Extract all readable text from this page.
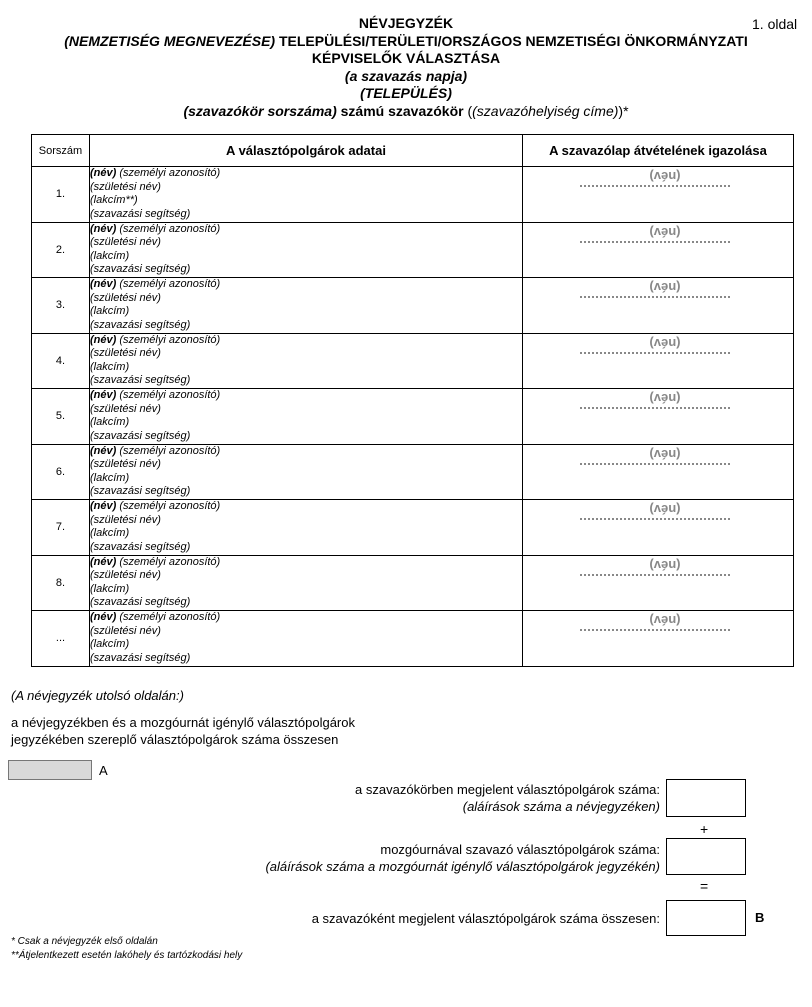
1. oldal
NÉVJEGYZÉK
(NEMZETISÉG MEGNEVEZÉSE) TELEPÜLÉSI/TERÜLETI/ORSZÁGOS NEMZETISÉGI ÖNKORMÁNYZATI
KÉPVISELŐK VÁLASZTÁSA
(a szavazás napja)
(TELEPÜLÉS)
(szavazókör sorszáma) számú szavazókör ((szavazóhelyiség címe))*
Sorszám	A választópolgárok adatai	A szavazólap átvételének igazolása
1.	(név) (személyi azonosító)
(születési név)
(lakcím**)
(szavazási segítség)	(név)

2.	(név) (személyi azonosító)
(születési név)
(lakcím)
(szavazási segítség)	(név)

3.	(név) (személyi azonosító)
(születési név)
(lakcím)
(szavazási segítség)	(név)

4.	(név) (személyi azonosító)
(születési név)
(lakcím)
(szavazási segítség)	(név)

5.	(név) (személyi azonosító)
(születési név)
(lakcím)
(szavazási segítség)	(név)

6.	(név) (személyi azonosító)
(születési név)
(lakcím)
(szavazási segítség)	(név)

7.	(név) (személyi azonosító)
(születési név)
(lakcím)
(szavazási segítség)	(név)

8.	(név) (személyi azonosító)
(születési név)
(lakcím)
(szavazási segítség)	(név)

...	(név) (személyi azonosító)
(születési név)
(lakcím)
(szavazási segítség)	(név)
(A névjegyzék utolsó oldalán:)
a névjegyzékben és a mozgóurnát igénylő választópolgárok jegyzékében szereplő választópolgárok száma összesen
A
a szavazókörben megjelent választópolgárok száma:
(aláírások száma a névjegyzéken)
+
mozgóurnával szavazó választópolgárok száma:
(aláírások száma a mozgóurnát igénylő választópolgárok jegyzékén)
=
a szavazóként megjelent választópolgárok száma összesen:	B
* Csak a névjegyzék első oldalán
**Átjelentkezett esetén lakóhely és tartózkodási hely
